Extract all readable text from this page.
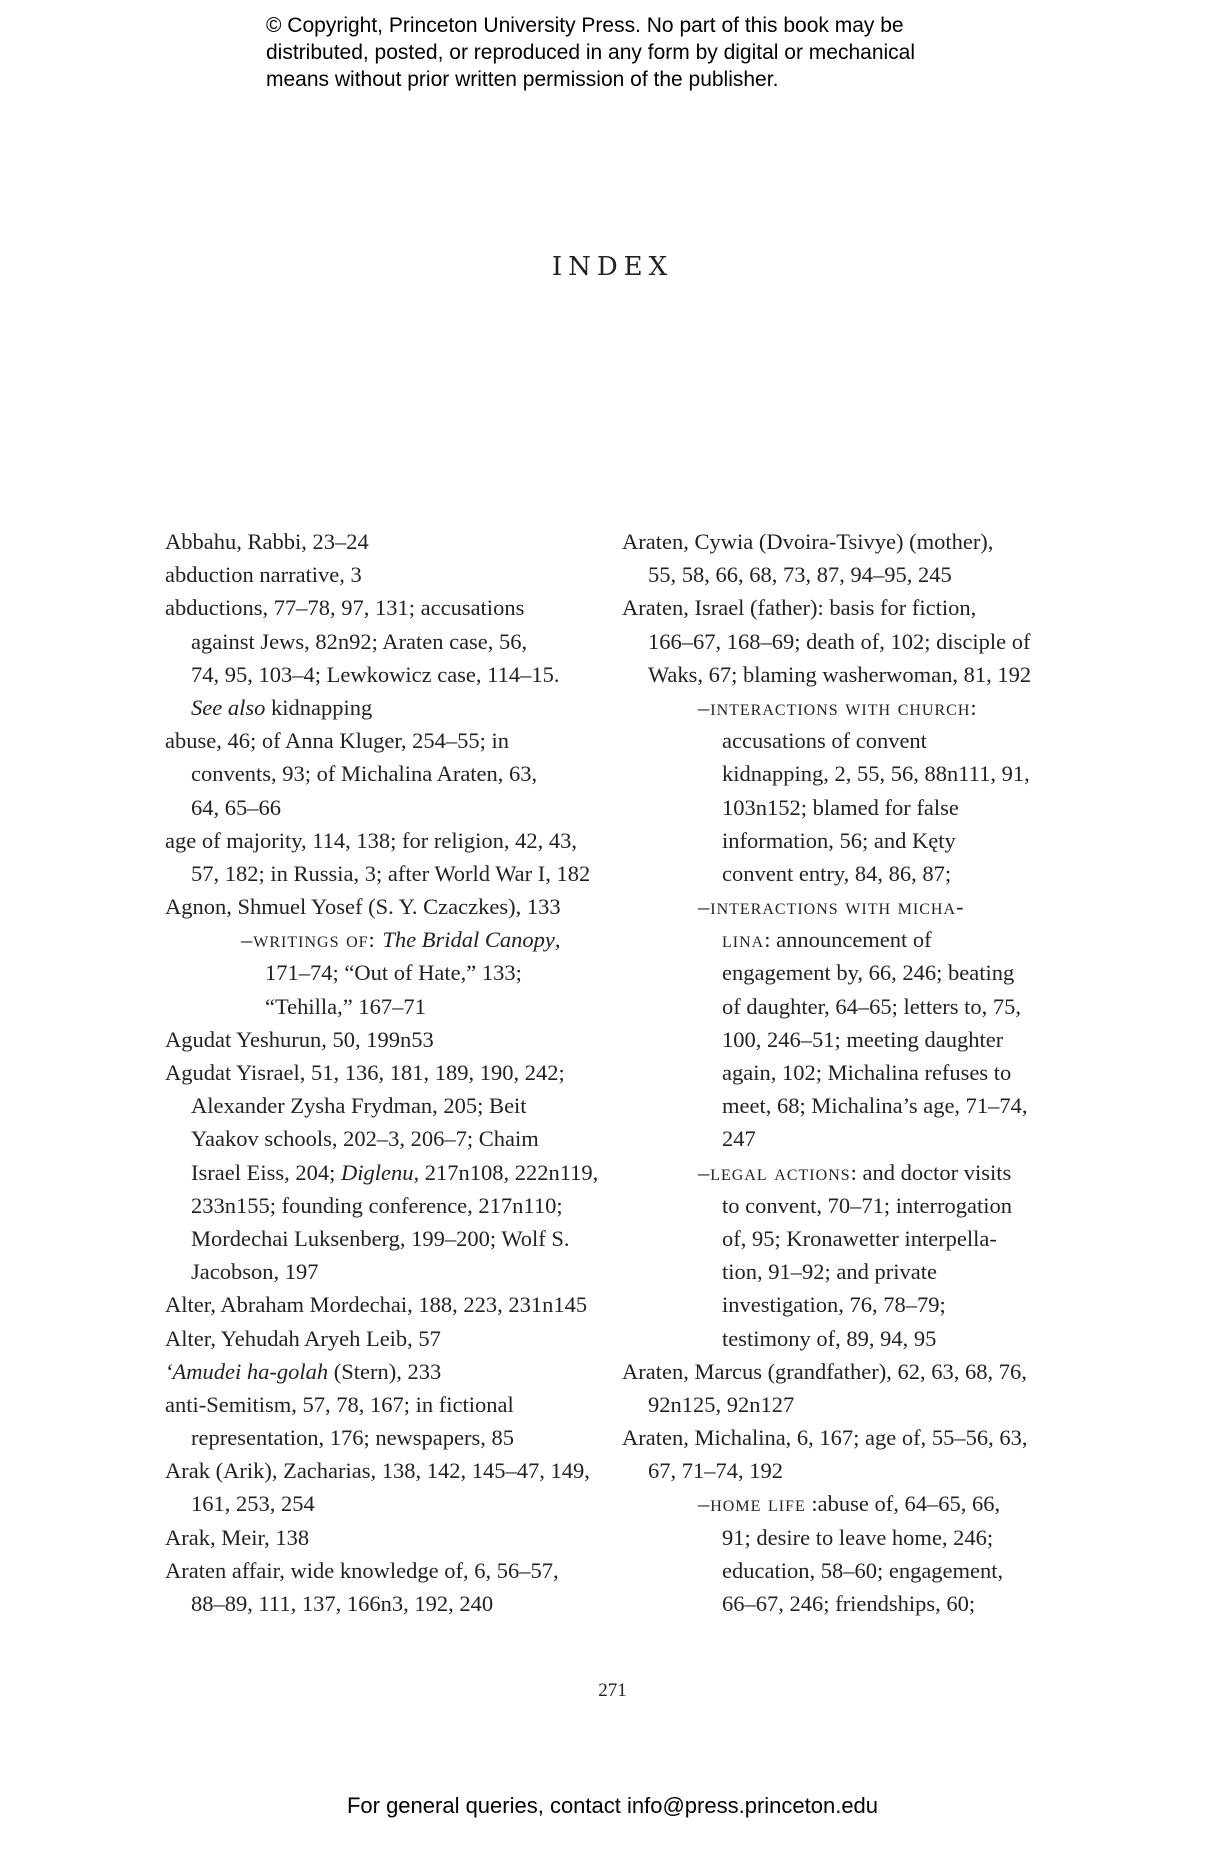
© Copyright, Princeton University Press. No part of this book may be
distributed, posted, or reproduced in any form by digital or mechanical
means without prior written permission of the publisher.
INDEX
Abbahu, Rabbi, 23–24
abduction narrative, 3
abductions, 77–78, 97, 131; accusations
against Jews, 82n92; Araten case, 56,
74, 95, 103–4; Lewkowicz case, 114–15.
See also kidnapping
abuse, 46; of Anna Kluger, 254–55; in
convents, 93; of Michalina Araten, 63,
64, 65–66
age of majority, 114, 138; for religion, 42, 43,
57, 182; in Russia, 3; after World War I, 182
Agnon, Shmuel Yosef (S. Y. Czaczkes), 133
–writings of: The Bridal Canopy,
171–74; “Out of Hate,” 133;
“Tehilla,” 167–71
Agudat Yeshurun, 50, 199n53
Agudat Yisrael, 51, 136, 181, 189, 190, 242;
Alexander Zysha Frydman, 205; Beit
Yaakov schools, 202–3, 206–7; Chaim
Israel Eiss, 204; Diglenu, 217n108, 222n119,
233n155; founding conference, 217n110;
Mordechai Luksenberg, 199–200; Wolf S.
Jacobson, 197
Alter, Abraham Mordechai, 188, 223, 231n145
Alter, Yehudah Aryeh Leib, 57
‘Amudei ha-golah (Stern), 233
anti-Semitism, 57, 78, 167; in fictional
representation, 176; newspapers, 85
Arak (Arik), Zacharias, 138, 142, 145–47, 149,
161, 253, 254
Arak, Meir, 138
Araten affair, wide knowledge of, 6, 56–57,
88–89, 111, 137, 166n3, 192, 240
Araten, Cywia (Dvoira-Tsivye) (mother),
55, 58, 66, 68, 73, 87, 94–95, 245
Araten, Israel (father): basis for fiction,
166–67, 168–69; death of, 102; disciple of
Waks, 67; blaming washerwoman, 81, 192
–interactions with church:
accusations of convent
kidnapping, 2, 55, 56, 88n111, 91,
103n152; blamed for false
information, 56; and Kęty
convent entry, 84, 86, 87;
–interactions with micha-
lina: announcement of
engagement by, 66, 246; beating
of daughter, 64–65; letters to, 75,
100, 246–51; meeting daughter
again, 102; Michalina refuses to
meet, 68; Michalina’s age, 71–74,
247
–legal actions: and doctor visits
to convent, 70–71; interrogation
of, 95; Kronawetter interpella-
tion, 91–92; and private
investigation, 76, 78–79;
testimony of, 89, 94, 95
Araten, Marcus (grandfather), 62, 63, 68, 76,
92n125, 92n127
Araten, Michalina, 6, 167; age of, 55–56, 63,
67, 71–74, 192
–home life :abuse of, 64–65, 66,
91; desire to leave home, 246;
education, 58–60; engagement,
66–67, 246; friendships, 60;
271
For general queries, contact info@press.princeton.edu
